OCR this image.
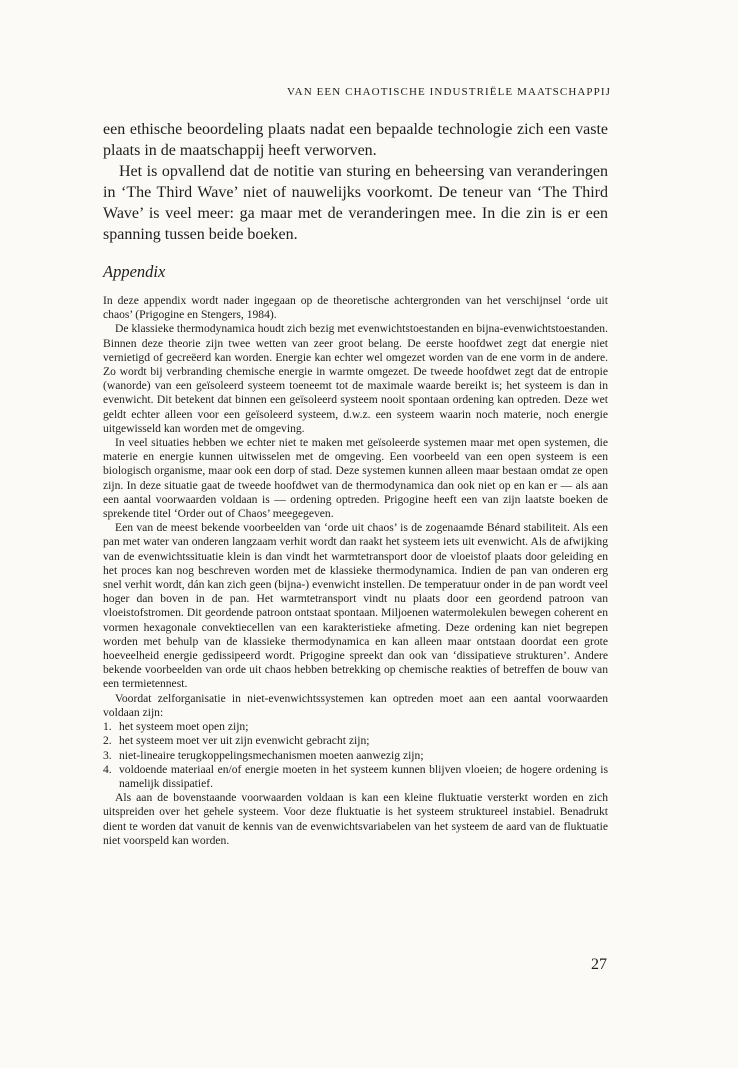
VAN EEN CHAOTISCHE INDUSTRIËLE MAATSCHAPPIJ

een ethische beoordeling plaats nadat een bepaalde technologie zich een vaste plaats in de maatschappij heeft verworven.

Het is opvallend dat de notitie van sturing en beheersing van veranderingen in ‘The Third Wave’ niet of nauwelijks voorkomt. De teneur van ‘The Third Wave’ is veel meer: ga maar met de veranderingen mee. In die zin is er een spanning tussen beide boeken.

Appendix

In deze appendix wordt nader ingegaan op de theoretische achtergronden van het verschijnsel ‘orde uit chaos’ (Prigogine en Stengers, 1984).

De klassieke thermodynamica houdt zich bezig met evenwichtstoestanden en bijna-evenwichtstoestanden. Binnen deze theorie zijn twee wetten van zeer groot belang. De eerste hoofdwet zegt dat energie niet vernietigd of gecreëerd kan worden. Energie kan echter wel omgezet worden van de ene vorm in de andere. Zo wordt bij verbranding chemische energie in warmte omgezet. De tweede hoofdwet zegt dat de entropie (wanorde) van een geïsoleerd systeem toeneemt tot de maximale waarde bereikt is; het systeem is dan in evenwicht. Dit betekent dat binnen een geïsoleerd systeem nooit spontaan ordening kan optreden. Deze wet geldt echter alleen voor een geïsoleerd systeem, d.w.z. een systeem waarin noch materie, noch energie uitgewisseld kan worden met de omgeving.

In veel situaties hebben we echter niet te maken met geïsoleerde systemen maar met open systemen, die materie en energie kunnen uitwisselen met de omgeving. Een voorbeeld van een open systeem is een biologisch organisme, maar ook een dorp of stad. Deze systemen kunnen alleen maar bestaan omdat ze open zijn. In deze situatie gaat de tweede hoofdwet van de thermodynamica dan ook niet op en kan er — als aan een aantal voorwaarden voldaan is — ordening optreden. Prigogine heeft een van zijn laatste boeken de sprekende titel ‘Order out of Chaos’ meegegeven.

Een van de meest bekende voorbeelden van ‘orde uit chaos’ is de zogenaamde Bénard stabiliteit. Als een pan met water van onderen langzaam verhit wordt dan raakt het systeem iets uit evenwicht. Als de afwijking van de evenwichtssituatie klein is dan vindt het warmtetransport door de vloeistof plaats door geleiding en het proces kan nog beschreven worden met de klassieke thermodynamica. Indien de pan van onderen erg snel verhit wordt, dán kan zich geen (bijna-) evenwicht instellen. De temperatuur onder in de pan wordt veel hoger dan boven in de pan. Het warmtetransport vindt nu plaats door een geordend patroon van vloeistofstromen. Dit geordende patroon ontstaat spontaan. Miljoenen watermolekulen bewegen coherent en vormen hexagonale convektiecellen van een karakteristieke afmeting. Deze ordening kan niet begrepen worden met behulp van de klassieke thermodynamica en kan alleen maar ontstaan doordat een grote hoeveelheid energie gedissipeerd wordt. Prigogine spreekt dan ook van ‘dissipatieve strukturen’. Andere bekende voorbeelden van orde uit chaos hebben betrekking op chemische reakties of betreffen de bouw van een termietennest.

Voordat zelforganisatie in niet-evenwichtssystemen kan optreden moet aan een aantal voorwaarden voldaan zijn:

1. het systeem moet open zijn;
2. het systeem moet ver uit zijn evenwicht gebracht zijn;
3. niet-lineaire terugkoppelingsmechanismen moeten aanwezig zijn;
4. voldoende materiaal en/of energie moeten in het systeem kunnen blijven vloeien; de hogere ordening is namelijk dissipatief.

Als aan de bovenstaande voorwaarden voldaan is kan een kleine fluktuatie versterkt worden en zich uitspreiden over het gehele systeem. Voor deze fluktuatie is het systeem struktureel instabiel. Benadrukt dient te worden dat vanuit de kennis van de evenwichtsvariabelen van het systeem de aard van de fluktuatie niet voorspeld kan worden.

27
